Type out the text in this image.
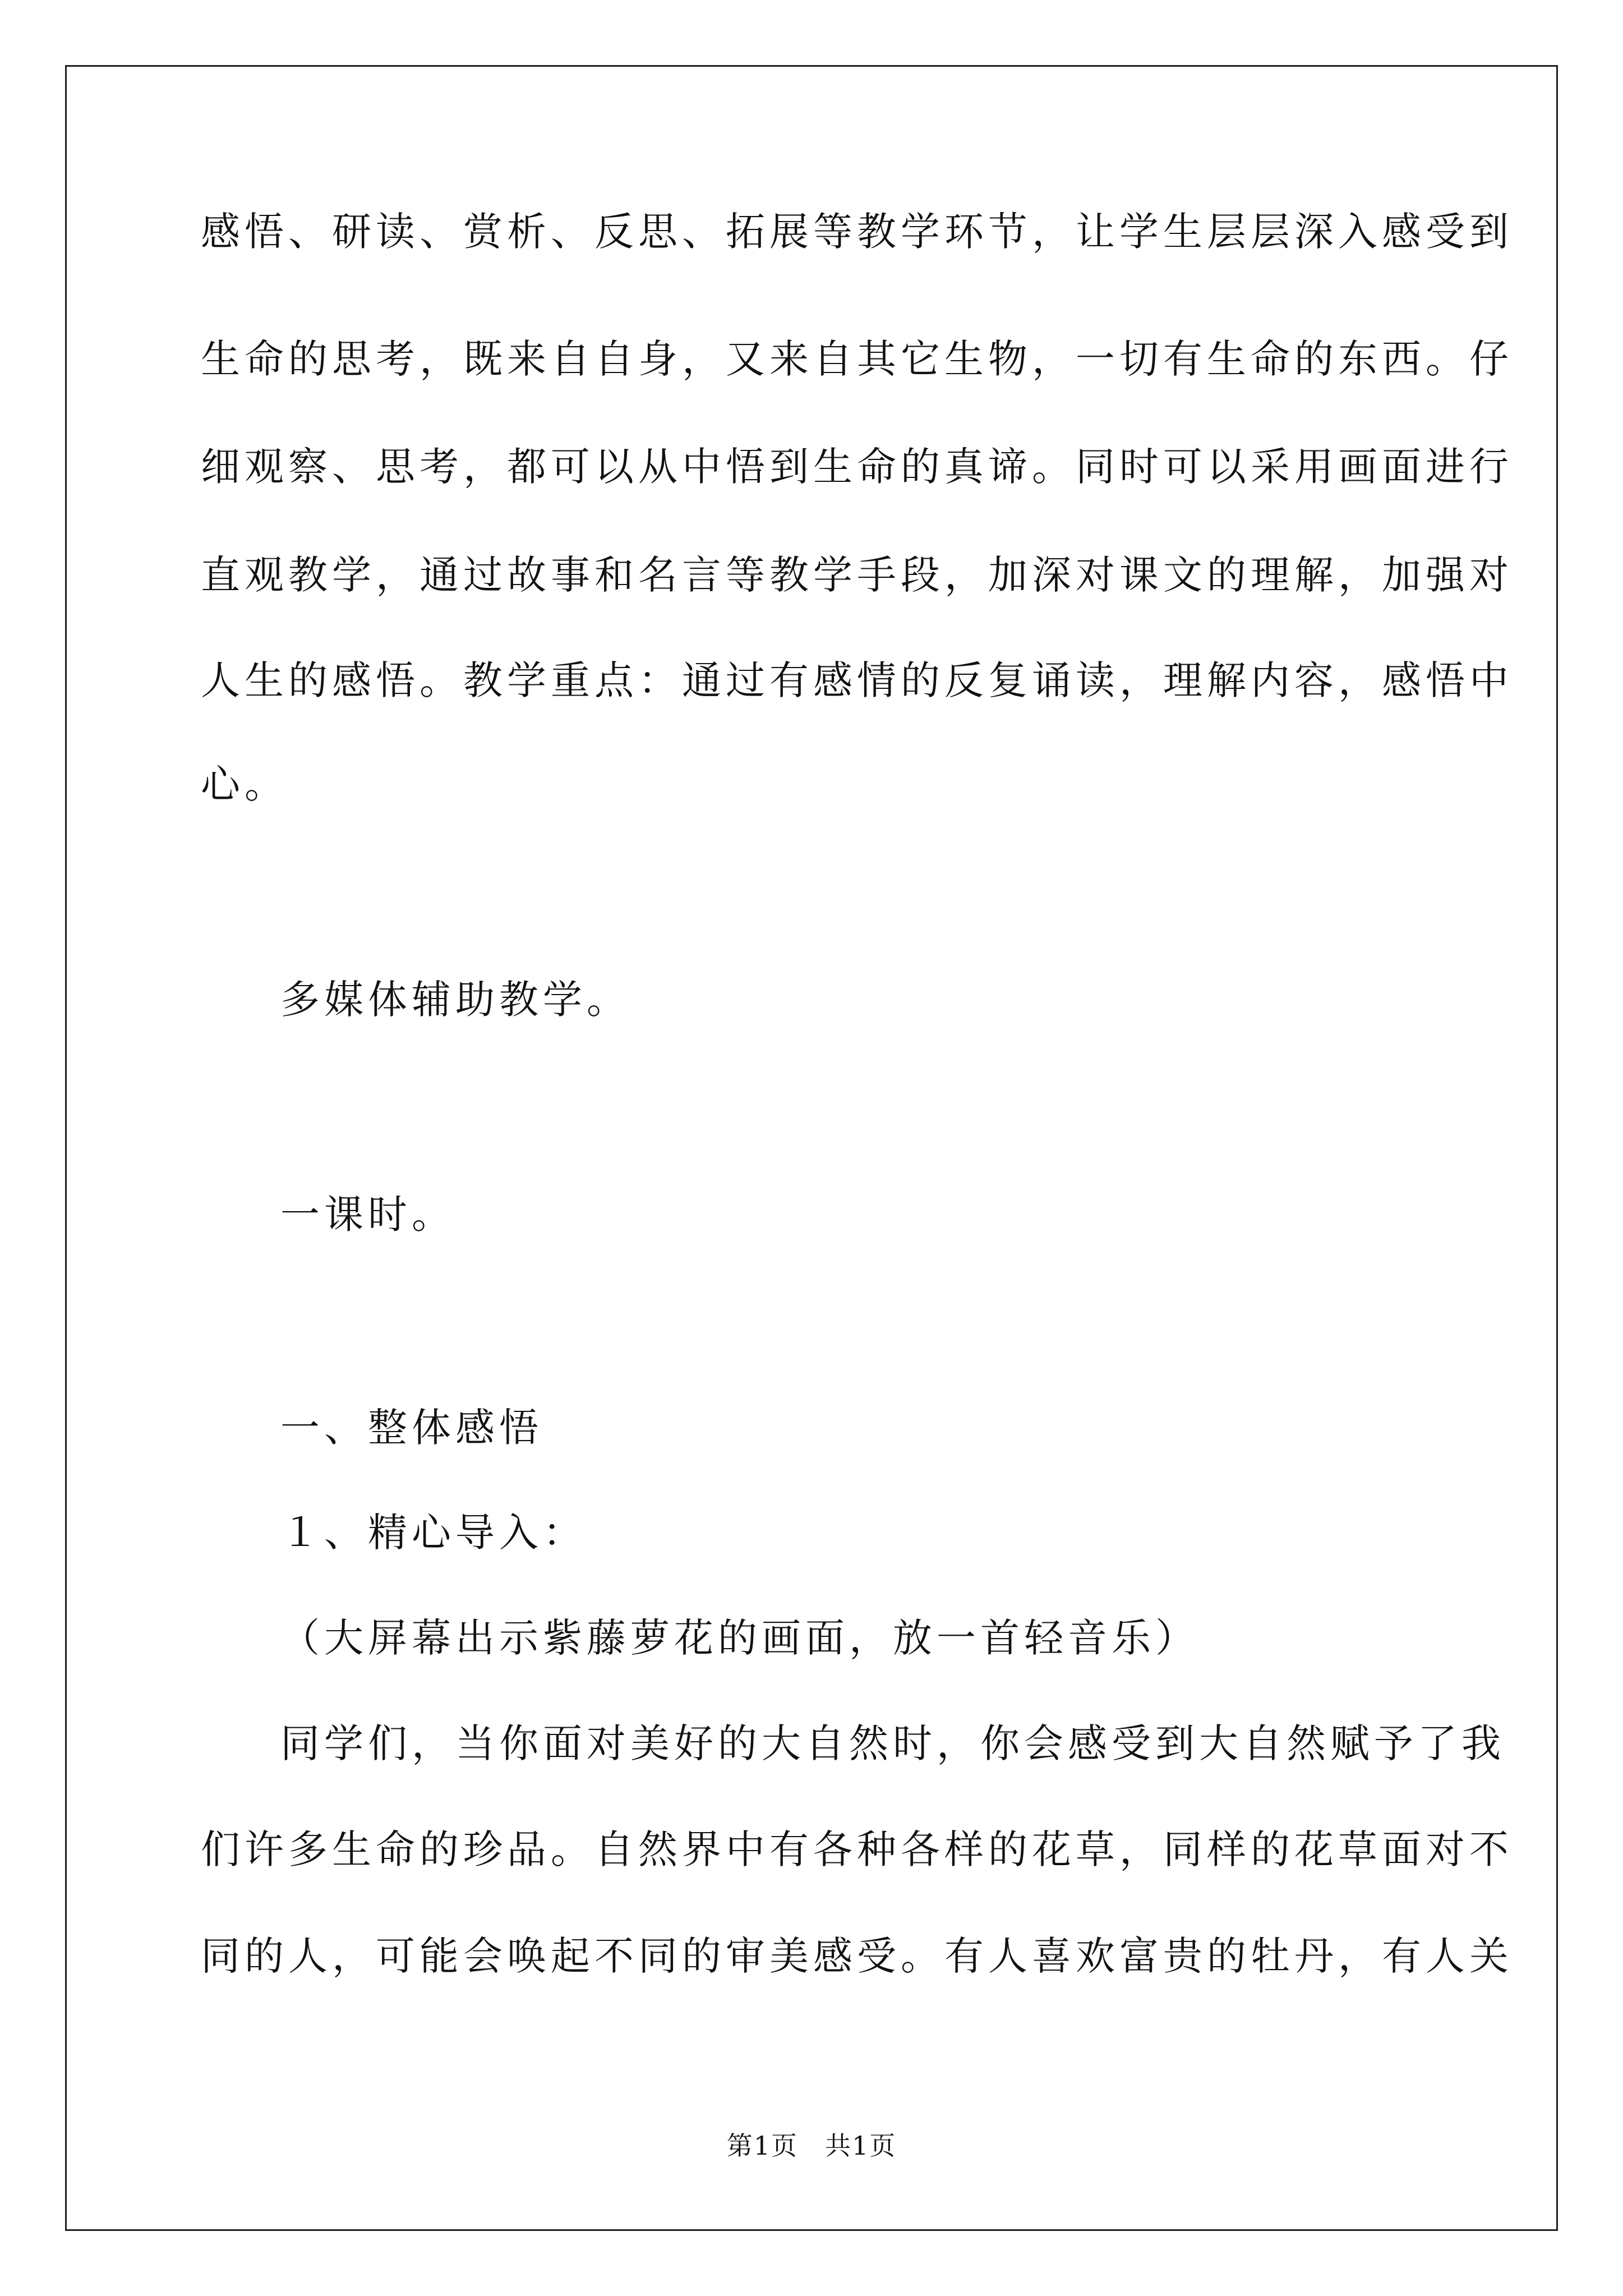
感悟、研读、赏析、反思、拓展等教学环节，让学生层层深入感受到

生命的思考，既来自自身，又来自其它生物，一切有生命的东西。仔

细观察、思考，都可以从中悟到生命的真谛。同时可以采用画面进行

直观教学，通过故事和名言等教学手段，加深对课文的理解，加强对

人生的感悟。教学重点：通过有感情的反复诵读，理解内容，感悟中

心。

多媒体辅助教学。

一课时。

一、整体感悟

１、精心导入：

（大屏幕出示紫藤萝花的画面，放一首轻音乐）

同学们，当你面对美好的大自然时，你会感受到大自然赋予了我

们许多生命的珍品。自然界中有各种各样的花草，同样的花草面对不

同的人，可能会唤起不同的审美感受。有人喜欢富贵的牡丹，有人关

第1页 共1页
